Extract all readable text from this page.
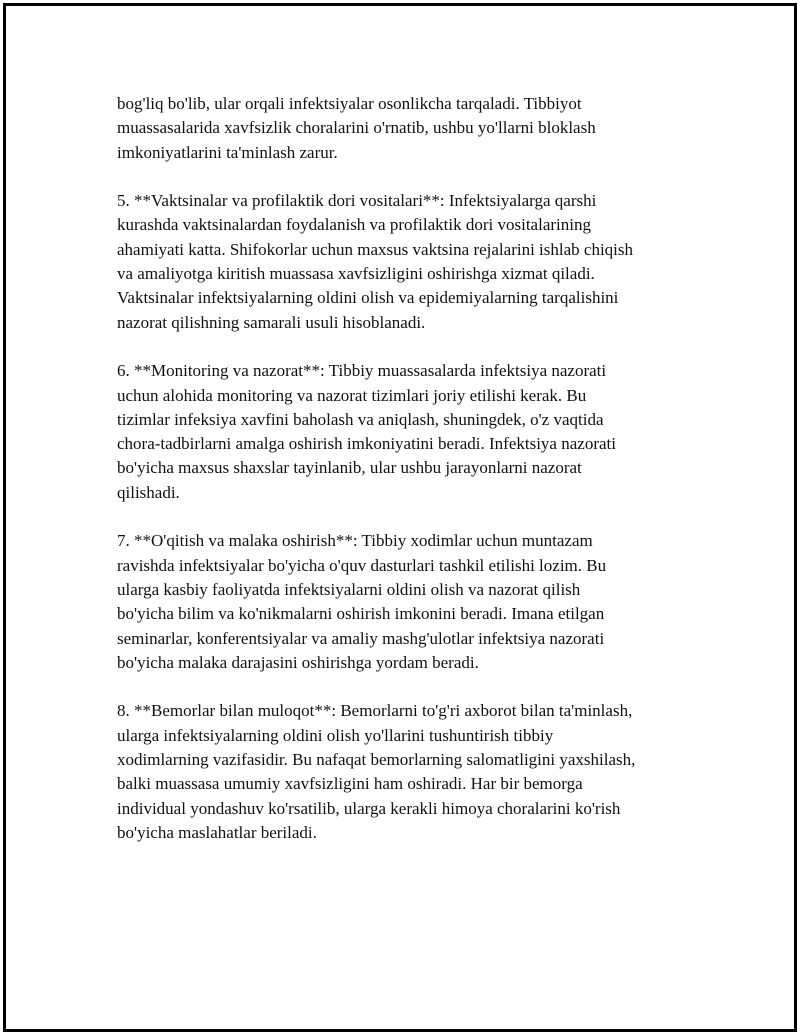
bog'liq bo'lib, ular orqali infektsiyalar osonlikcha tarqaladi. Tibbiyot
muassasalarida xavfsizlik choralarini o'rnatib, ushbu yo'llarni bloklash
imkoniyatlarini ta'minlash zarur.

5. **Vaktsinalar va profilaktik dori vositalari**: Infektsiyalarga qarshi
kurashda vaktsinalardan foydalanish va profilaktik dori vositalarining
ahamiyati katta. Shifokorlar uchun maxsus vaktsina rejalarini ishlab chiqish
va amaliyotga kiritish muassasa xavfsizligini oshirishga xizmat qiladi.
Vaktsinalar infektsiyalarning oldini olish va epidemiyalarning tarqalishini
nazorat qilishning samarali usuli hisoblanadi.

6. **Monitoring va nazorat**: Tibbiy muassasalarda infektsiya nazorati
uchun alohida monitoring va nazorat tizimlari joriy etilishi kerak. Bu
tizimlar infeksiya xavfini baholash va aniqlash, shuningdek, o'z vaqtida
chora-tadbirlarni amalga oshirish imkoniyatini beradi. Infektsiya nazorati
bo'yicha maxsus shaxslar tayinlanib, ular ushbu jarayonlarni nazorat
qilishadi.

7. **O'qitish va malaka oshirish**: Tibbiy xodimlar uchun muntazam
ravishda infektsiyalar bo'yicha o'quv dasturlari tashkil etilishi lozim. Bu
ularga kasbiy faoliyatda infektsiyalarni oldini olish va nazorat qilish
bo'yicha bilim va ko'nikmalarni oshirish imkonini beradi. Imana etilgan
seminarlar, konferentsiyalar va amaliy mashg'ulotlar infektsiya nazorati
bo'yicha malaka darajasini oshirishga yordam beradi.

8. **Bemorlar bilan muloqot**: Bemorlarni to'g'ri axborot bilan ta'minlash,
ularga infektsiyalarning oldini olish yo'llarini tushuntirish tibbiy
xodimlarning vazifasidir. Bu nafaqat bemorlarning salomatligini yaxshilash,
balki muassasa umumiy xavfsizligini ham oshiradi. Har bir bemorga
individual yondashuv ko'rsatilib, ularga kerakli himoya choralarini ko'rish
bo'yicha maslahatlar beriladi.
